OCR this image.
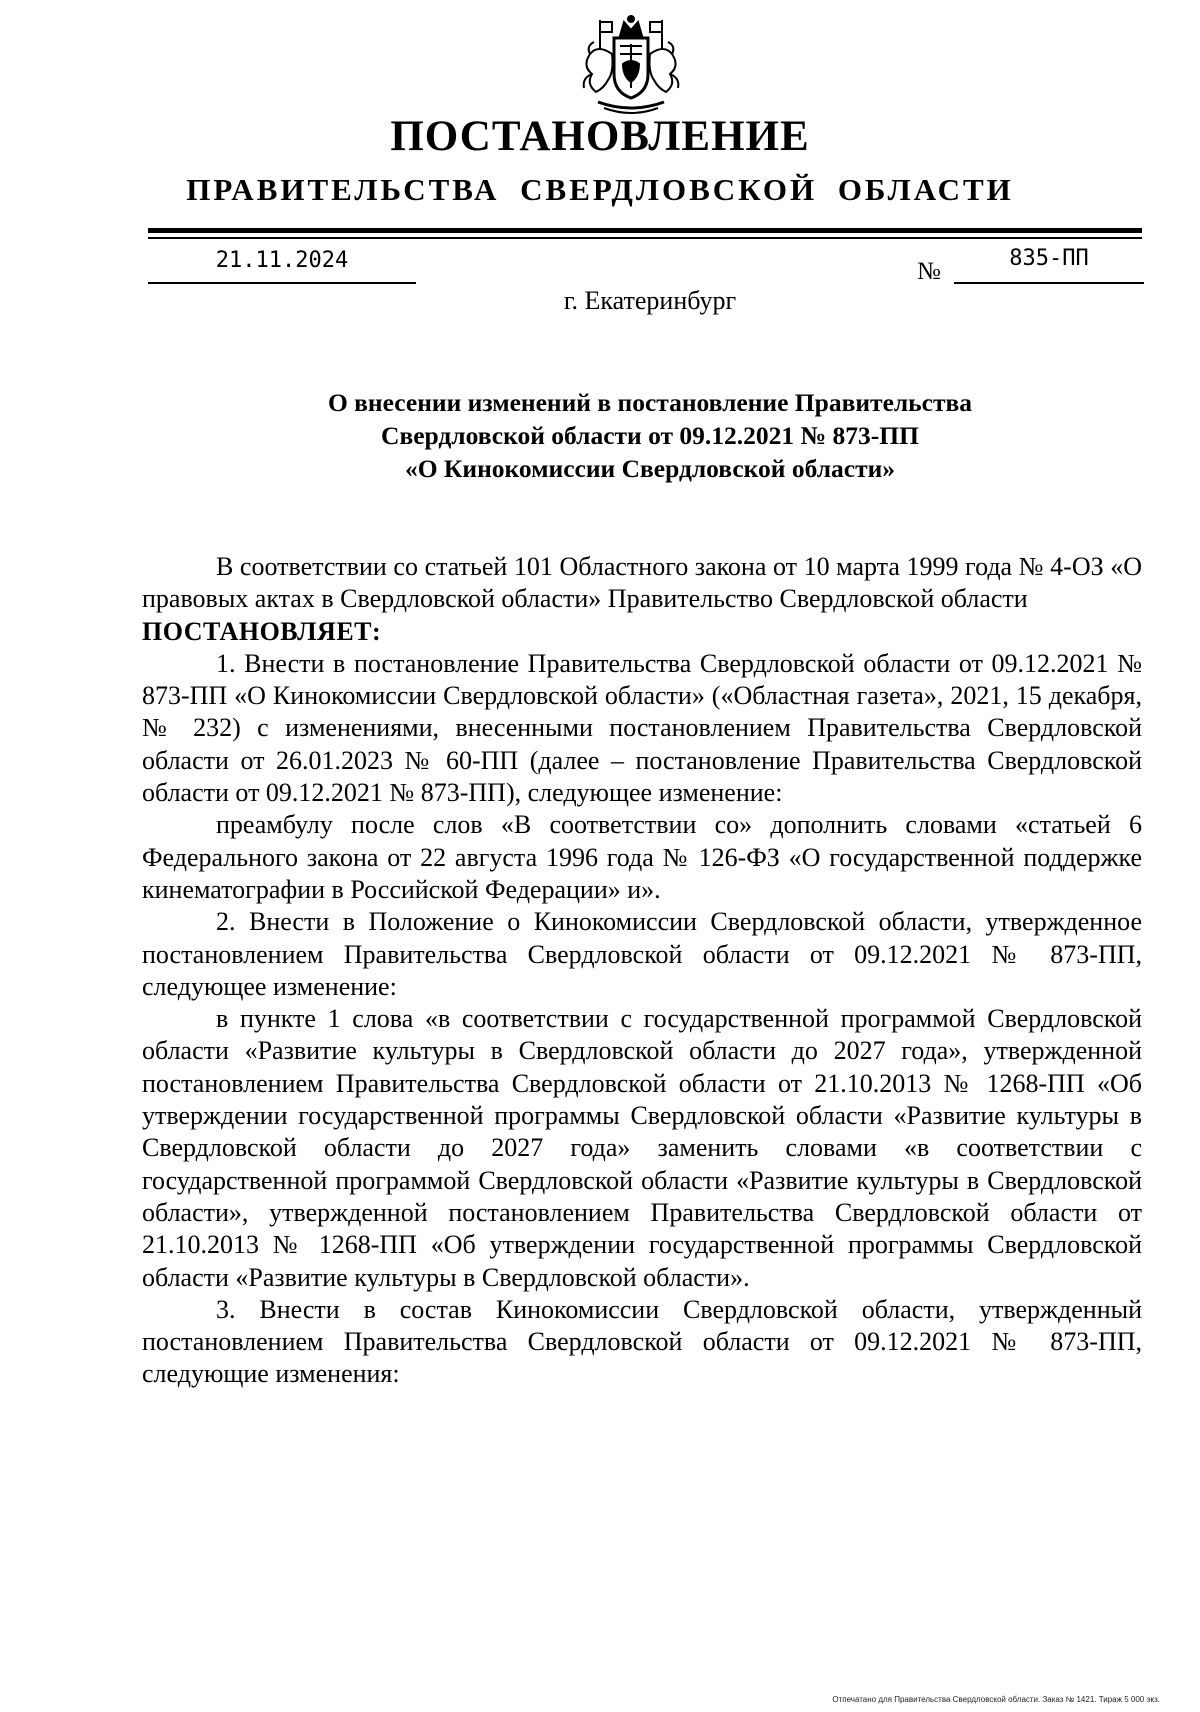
ПОСТАНОВЛЕНИЕ
ПРАВИТЕЛЬСТВА СВЕРДЛОВСКОЙ ОБЛАСТИ
21.11.2024	№	835-ПП
г. Екатеринбург
О внесении изменений в постановление Правительства
Свердловской области от 09.12.2021 № 873-ПП
«О Кинокомиссии Свердловской области»

В соответствии со статьей 101 Областного закона от 10 марта 1999 года № 4-ОЗ «О правовых актах в Свердловской области» Правительство Свердловской области

ПОСТАНОВЛЯЕТ:

1. Внести в постановление Правительства Свердловской области от 09.12.2021 № 873-ПП «О Кинокомиссии Свердловской области» («Областная газета», 2021, 15 декабря, № 232) с изменениями, внесенными постановлением Правительства Свердловской области от 26.01.2023 № 60-ПП (далее – постановление Правительства Свердловской области от 09.12.2021 № 873-ПП), следующее изменение:

преамбулу после слов «В соответствии со» дополнить словами «статьей 6 Федерального закона от 22 августа 1996 года № 126-ФЗ «О государственной поддержке кинематографии в Российской Федерации» и».

2. Внести в Положение о Кинокомиссии Свердловской области, утвержденное постановлением Правительства Свердловской области от 09.12.2021 № 873-ПП, следующее изменение:

в пункте 1 слова «в соответствии с государственной программой Свердловской области «Развитие культуры в Свердловской области до 2027 года», утвержденной постановлением Правительства Свердловской области от 21.10.2013 № 1268-ПП «Об утверждении государственной программы Свердловской области «Развитие культуры в Свердловской области до 2027 года» заменить словами «в соответствии с государственной программой Свердловской области «Развитие культуры в Свердловской области», утвержденной постановлением Правительства Свердловской области от 21.10.2013 № 1268-ПП «Об утверждении государственной программы Свердловской области «Развитие культуры в Свердловской области».

3. Внести в состав Кинокомиссии Свердловской области, утвержденный постановлением Правительства Свердловской области от 09.12.2021 № 873-ПП, следующие изменения:

Отпечатано для Правительства Свердловской области. Заказ № 1421. Тираж 5 000 экз.
